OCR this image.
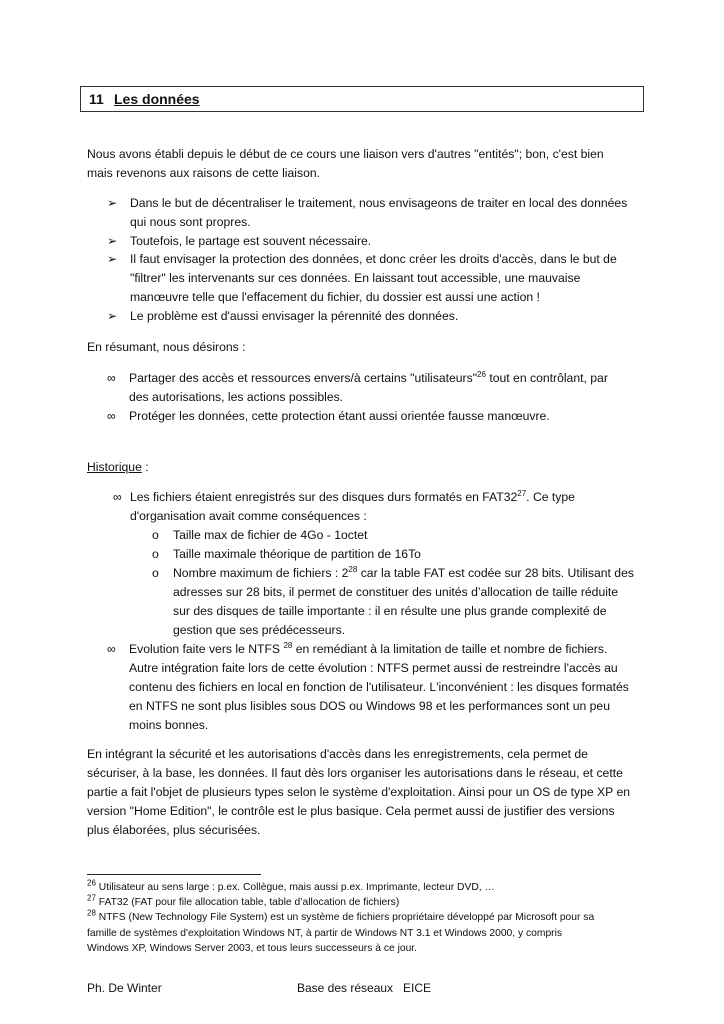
11 Les données
Nous avons établi depuis le début de ce cours une liaison vers d'autres "entités"; bon, c'est bien
mais revenons aux raisons de cette liaison.
➢ Dans le but de décentraliser le traitement, nous envisageons de traiter en local des données
qui nous sont propres.
➢ Toutefois, le partage est souvent nécessaire.
➢ Il faut envisager la protection des données, et donc créer les droits d'accès, dans le but de
"filtrer" les intervenants sur ces données. En laissant tout accessible, une mauvaise
manœuvre telle que l'effacement du fichier, du dossier est aussi une action !
➢ Le problème est d'aussi envisager la pérennité des données.
En résumant, nous désirons :
∞ Partager des accès et ressources envers/à certains "utilisateurs"$^{26}$ tout en contrôlant, par
des autorisations, les actions possibles.
∞ Protéger les données, cette protection étant aussi orientée fausse manœuvre.
Historique :
∞ Les fichiers étaient enregistrés sur des disques durs formatés en $FAT32^{27}$. Ce type
d'organisation avait comme conséquences :
o Taille max de fichier de 4Go - 1octet
o Taille maximale théorique de partition de 16To
o Nombre maximum de fichiers : $2^{28}$ car la table FAT est codée sur 28 bits. Utilisant des
adresses sur 28 bits, il permet de constituer des unités d’allocation de taille réduite
sur des disques de taille importante : il en résulte une plus grande complexité de
gestion que ses prédécesseurs.
∞ Evolution faite vers le NTFS $^{28}$ en remédiant à la limitation de taille et nombre de fichiers.
Autre intégration faite lors de cette évolution : NTFS permet aussi de restreindre l'accès au
contenu des fichiers en local en fonction de l'utilisateur. L'inconvénient : les disques formatés
en NTFS ne sont plus lisibles sous DOS ou Windows 98 et les performances sont un peu
moins bonnes.
En intégrant la sécurité et les autorisations d'accès dans les enregistrements, cela permet de
sécuriser, à la base, les données. Il faut dès lors organiser les autorisations dans le réseau, et cette
partie a fait l'objet de plusieurs types selon le système d'exploitation. Ainsi pour un OS de type XP en
version "Home Edition", le contrôle est le plus basique. Cela permet aussi de justifier des versions
plus élaborées, plus sécurisées.
$^{26}$ Utilisateur au sens large : p.ex. Collègue, mais aussi p.ex. Imprimante, lecteur DVD, …
$^{27}$ FAT32 (FAT pour file allocation table, table d’allocation de fichiers)
$^{28}$ NTFS (New Technology File System) est un système de fichiers propriétaire développé par Microsoft pour sa
famille de systèmes d'exploitation Windows NT, à partir de Windows NT 3.1 et Windows 2000, y compris
Windows XP, Windows Server 2003, et tous leurs successeurs à ce jour.
Ph. De Winter	Base des réseaux EICE
